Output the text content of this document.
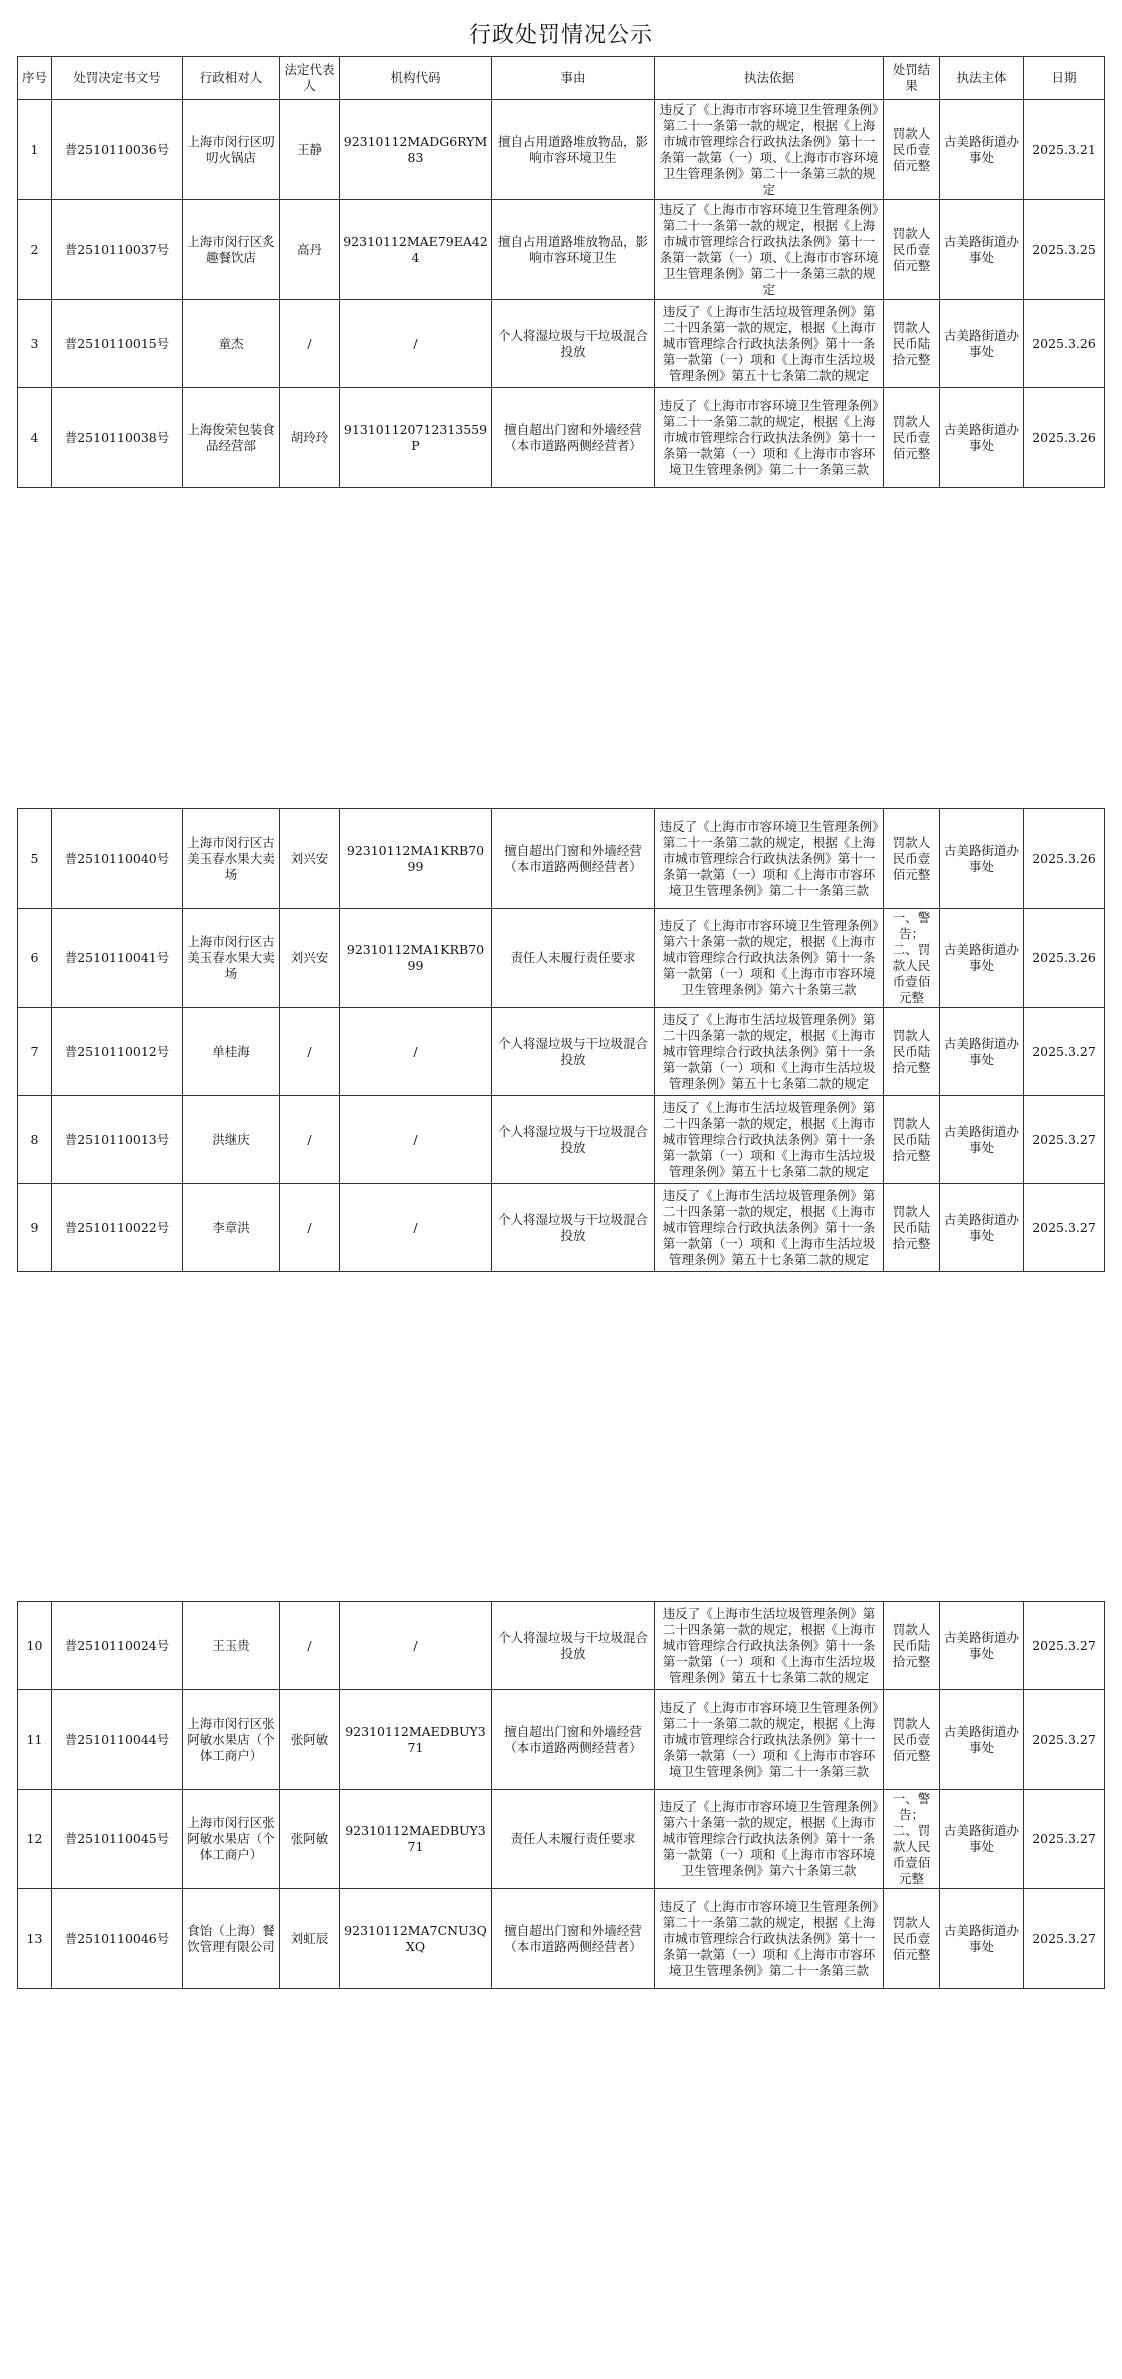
行政处罚情况公示
序号	处罚决定书文号	行政相对人	法定代表人	机构代码	事由	执法依据	处罚结果	执法主体	日期
1	普2510110036号	上海市闵行区叨叨火锅店	王静	92310112MADG6RYM83	擅自占用道路堆放物品，影响市容环境卫生	违反了《上海市市容环境卫生管理条例》第二十一条第一款的规定，根据《上海市城市管理综合行政执法条例》第十一条第一款第（一）项、《上海市市容环境卫生管理条例》第二十一条第三款的规定	罚款人民币壹佰元整	古美路街道办事处	2025.3.21
2	普2510110037号	上海市闵行区炙趣餐饮店	高丹	92310112MAE79EA424	擅自占用道路堆放物品，影响市容环境卫生	违反了《上海市市容环境卫生管理条例》第二十一条第一款的规定，根据《上海市城市管理综合行政执法条例》第十一条第一款第（一）项、《上海市市容环境卫生管理条例》第二十一条第三款的规定	罚款人民币壹佰元整	古美路街道办事处	2025.3.25
3	普2510110015号	童杰	/	/	个人将湿垃圾与干垃圾混合投放	违反了《上海市生活垃圾管理条例》第二十四条第一款的规定，根据《上海市城市管理综合行政执法条例》第十一条第一款第（一）项和《上海市生活垃圾管理条例》第五十七条第二款的规定	罚款人民币陆拾元整	古美路街道办事处	2025.3.26
4	普2510110038号	上海俊荣包装食品经营部	胡玲玲	913101120712313559P	擅自超出门窗和外墙经营（本市道路两侧经营者）	违反了《上海市市容环境卫生管理条例》第二十一条第二款的规定，根据《上海市城市管理综合行政执法条例》第十一条第一款第（一）项和《上海市市容环境卫生管理条例》第二十一条第三款	罚款人民币壹佰元整	古美路街道办事处	2025.3.26
5	普2510110040号	上海市闵行区古美玉春水果大卖场	刘兴安	92310112MA1KRB7099	擅自超出门窗和外墙经营（本市道路两侧经营者）	违反了《上海市市容环境卫生管理条例》第二十一条第二款的规定，根据《上海市城市管理综合行政执法条例》第十一条第一款第（一）项和《上海市市容环境卫生管理条例》第二十一条第三款	罚款人民币壹佰元整	古美路街道办事处	2025.3.26
6	普2510110041号	上海市闵行区古美玉春水果大卖场	刘兴安	92310112MA1KRB7099	责任人未履行责任要求	违反了《上海市市容环境卫生管理条例》第六十条第一款的规定，根据《上海市城市管理综合行政执法条例》第十一条第一款第（一）项和《上海市市容环境卫生管理条例》第六十条第三款	一、警告；二、罚款人民币壹佰元整	古美路街道办事处	2025.3.26
7	普2510110012号	单桂海	/	/	个人将湿垃圾与干垃圾混合投放	违反了《上海市生活垃圾管理条例》第二十四条第一款的规定，根据《上海市城市管理综合行政执法条例》第十一条第一款第（一）项和《上海市生活垃圾管理条例》第五十七条第二款的规定	罚款人民币陆拾元整	古美路街道办事处	2025.3.27
8	普2510110013号	洪继庆	/	/	个人将湿垃圾与干垃圾混合投放	违反了《上海市生活垃圾管理条例》第二十四条第一款的规定，根据《上海市城市管理综合行政执法条例》第十一条第一款第（一）项和《上海市生活垃圾管理条例》第五十七条第二款的规定	罚款人民币陆拾元整	古美路街道办事处	2025.3.27
9	普2510110022号	李章洪	/	/	个人将湿垃圾与干垃圾混合投放	违反了《上海市生活垃圾管理条例》第二十四条第一款的规定，根据《上海市城市管理综合行政执法条例》第十一条第一款第（一）项和《上海市生活垃圾管理条例》第五十七条第二款的规定	罚款人民币陆拾元整	古美路街道办事处	2025.3.27
10	普2510110024号	王玉贵	/	/	个人将湿垃圾与干垃圾混合投放	违反了《上海市生活垃圾管理条例》第二十四条第一款的规定，根据《上海市城市管理综合行政执法条例》第十一条第一款第（一）项和《上海市生活垃圾管理条例》第五十七条第二款的规定	罚款人民币陆拾元整	古美路街道办事处	2025.3.27
11	普2510110044号	上海市闵行区张阿敏水果店（个体工商户）	张阿敏	92310112MAEDBUY371	擅自超出门窗和外墙经营（本市道路两侧经营者）	违反了《上海市市容环境卫生管理条例》第二十一条第二款的规定，根据《上海市城市管理综合行政执法条例》第十一条第一款第（一）项和《上海市市容环境卫生管理条例》第二十一条第三款	罚款人民币壹佰元整	古美路街道办事处	2025.3.27
12	普2510110045号	上海市闵行区张阿敏水果店（个体工商户）	张阿敏	92310112MAEDBUY371	责任人未履行责任要求	违反了《上海市市容环境卫生管理条例》第六十条第一款的规定，根据《上海市城市管理综合行政执法条例》第十一条第一款第（一）项和《上海市市容环境卫生管理条例》第六十条第三款	一、警告；二、罚款人民币壹佰元整	古美路街道办事处	2025.3.27
13	普2510110046号	食饴（上海）餐饮管理有限公司	刘虹辰	92310112MA7CNU3QXQ	擅自超出门窗和外墙经营（本市道路两侧经营者）	违反了《上海市市容环境卫生管理条例》第二十一条第二款的规定，根据《上海市城市管理综合行政执法条例》第十一条第一款第（一）项和《上海市市容环境卫生管理条例》第二十一条第三款	罚款人民币壹佰元整	古美路街道办事处	2025.3.27
